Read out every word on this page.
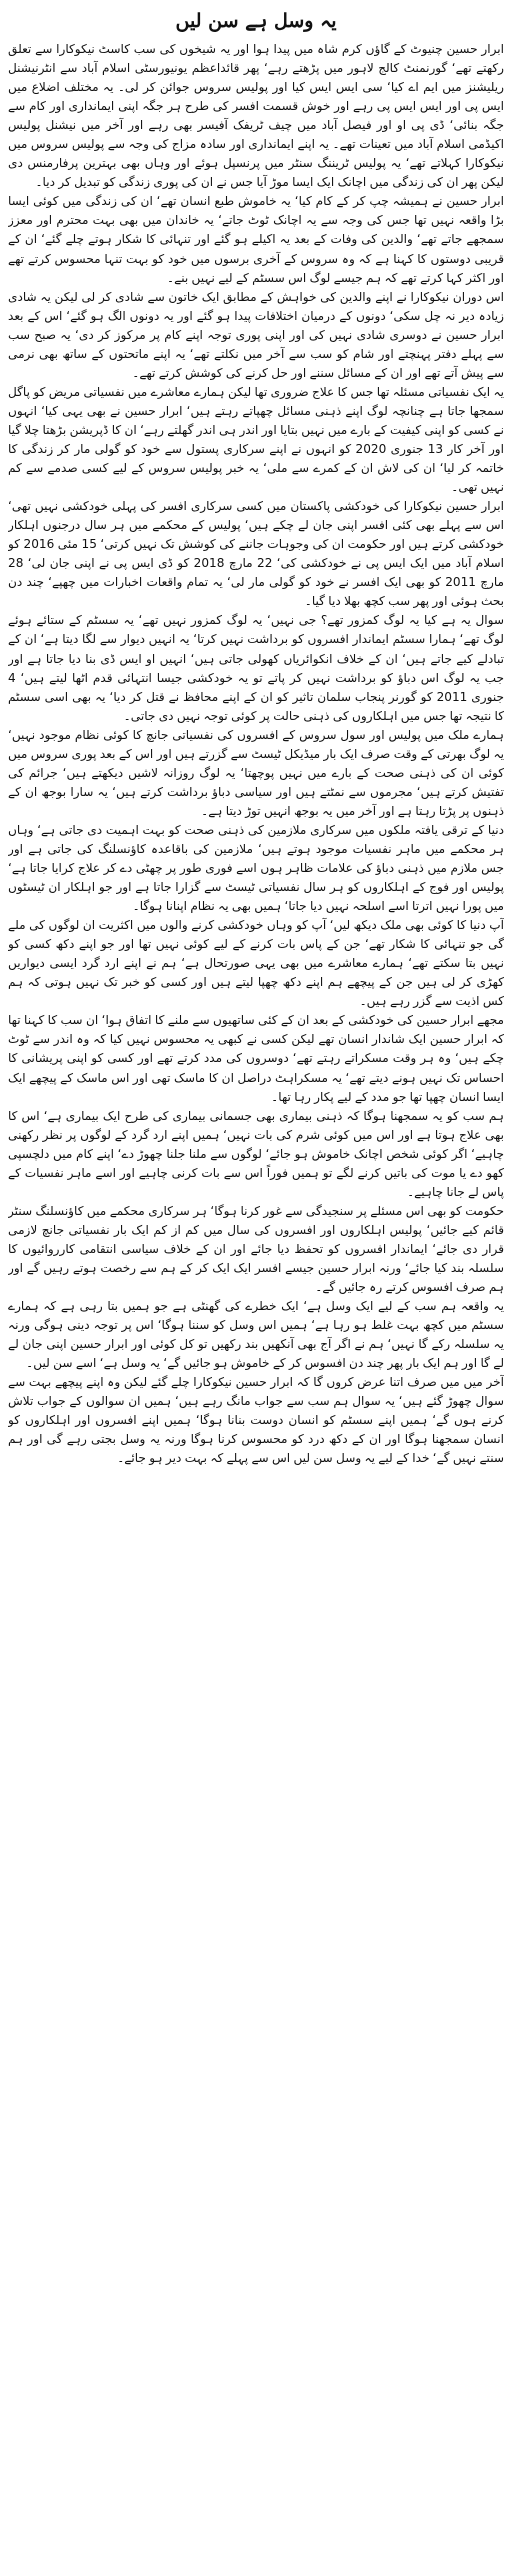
یہ وسل ہے سن لیں

ابرار حسین چنیوٹ کے گاؤں کرم شاہ میں پیدا ہوا اور یہ شیخوں کی سب کاسٹ نیکوکارا سے تعلق رکھتے تھے‘ گورنمنٹ کالج لاہور میں پڑھتے رہے‘ پھر قائداعظم یونیورسٹی اسلام آباد سے انٹرنیشنل ریلیشنز میں ایم اے کیا‘ سی ایس ایس کیا اور پولیس سروس جوائن کر لی۔ یہ مختلف اضلاع میں ایس پی اور ایس ایس پی رہے اور خوش قسمت افسر کی طرح ہر جگہ اپنی ایمانداری اور کام سے جگہ بنائی‘ ڈی پی او اور فیصل آباد میں چیف ٹریفک آفیسر بھی رہے اور آخر میں نیشنل پولیس اکیڈمی اسلام آباد میں تعینات تھے۔ یہ اپنے ایمانداری اور سادہ مزاج کی وجہ سے پولیس سروس میں نیکوکارا کہلاتے تھے‘ یہ پولیس ٹریننگ سنٹر میں پرنسپل ہوئے اور وہاں بھی بہترین پرفارمنس دی لیکن پھر ان کی زندگی میں اچانک ایک ایسا موڑ آیا جس نے ان کی پوری زندگی کو تبدیل کر دیا۔

ابرار حسین نے ہمیشہ چپ کر کے کام کیا‘ یہ خاموش طبع انسان تھے‘ ان کی زندگی میں کوئی ایسا بڑا واقعہ نہیں تھا جس کی وجہ سے یہ اچانک ٹوٹ جاتے‘ یہ خاندان میں بھی بہت محترم اور معزز سمجھے جاتے تھے‘ والدین کی وفات کے بعد یہ اکیلے ہو گئے اور تنہائی کا شکار ہوتے چلے گئے‘ ان کے قریبی دوستوں کا کہنا ہے کہ وہ سروس کے آخری برسوں میں خود کو بہت تنہا محسوس کرتے تھے اور اکثر کہا کرتے تھے کہ ہم جیسے لوگ اس سسٹم کے لیے نہیں بنے۔

اس دوران نیکوکارا نے اپنے والدین کی خواہش کے مطابق ایک خاتون سے شادی کر لی لیکن یہ شادی زیادہ دیر نہ چل سکی‘ دونوں کے درمیان اختلافات پیدا ہو گئے اور یہ دونوں الگ ہو گئے‘ اس کے بعد ابرار حسین نے دوسری شادی نہیں کی اور اپنی پوری توجہ اپنے کام پر مرکوز کر دی‘ یہ صبح سب سے پہلے دفتر پہنچتے اور شام کو سب سے آخر میں نکلتے تھے‘ یہ اپنے ماتحتوں کے ساتھ بھی نرمی سے پیش آتے تھے اور ان کے مسائل سننے اور حل کرنے کی کوشش کرتے تھے۔

یہ ایک نفسیاتی مسئلہ تھا جس کا علاج ضروری تھا لیکن ہمارے معاشرے میں نفسیاتی مریض کو پاگل سمجھا جاتا ہے چنانچہ لوگ اپنے ذہنی مسائل چھپاتے رہتے ہیں‘ ابرار حسین نے بھی یہی کیا‘ انہوں نے کسی کو اپنی کیفیت کے بارے میں نہیں بتایا اور اندر ہی اندر گھلتے رہے‘ ان کا ڈپریشن بڑھتا چلا گیا اور آخر کار 13 جنوری 2020 کو انہوں نے اپنے سرکاری پستول سے خود کو گولی مار کر زندگی کا خاتمہ کر لیا‘ ان کی لاش ان کے کمرے سے ملی‘ یہ خبر پولیس سروس کے لیے کسی صدمے سے کم نہیں تھی۔

ابرار حسین نیکوکارا کی خودکشی پاکستان میں کسی سرکاری افسر کی پہلی خودکشی نہیں تھی‘ اس سے پہلے بھی کئی افسر اپنی جان لے چکے ہیں‘ پولیس کے محکمے میں ہر سال درجنوں اہلکار خودکشی کرتے ہیں اور حکومت ان کی وجوہات جاننے کی کوشش تک نہیں کرتی‘ 15 مئی 2016 کو اسلام آباد میں ایک ایس پی نے خودکشی کی‘ 22 مارچ 2018 کو ڈی ایس پی نے اپنی جان لی‘ 28 مارچ 2011 کو بھی ایک افسر نے خود کو گولی مار لی‘ یہ تمام واقعات اخبارات میں چھپے‘ چند دن بحث ہوئی اور پھر سب کچھ بھلا دیا گیا۔

سوال یہ ہے کیا یہ لوگ کمزور تھے؟ جی نہیں‘ یہ لوگ کمزور نہیں تھے‘ یہ سسٹم کے ستائے ہوئے لوگ تھے‘ ہمارا سسٹم ایماندار افسروں کو برداشت نہیں کرتا‘ یہ انہیں دیوار سے لگا دیتا ہے‘ ان کے تبادلے کیے جاتے ہیں‘ ان کے خلاف انکوائریاں کھولی جاتی ہیں‘ انہیں او ایس ڈی بنا دیا جاتا ہے اور جب یہ لوگ اس دباؤ کو برداشت نہیں کر پاتے تو یہ خودکشی جیسا انتہائی قدم اٹھا لیتے ہیں‘ 4 جنوری 2011 کو گورنر پنجاب سلمان تاثیر کو ان کے اپنے محافظ نے قتل کر دیا‘ یہ بھی اسی سسٹم کا نتیجہ تھا جس میں اہلکاروں کی ذہنی حالت پر کوئی توجہ نہیں دی جاتی۔

ہمارے ملک میں پولیس اور سول سروس کے افسروں کی نفسیاتی جانچ کا کوئی نظام موجود نہیں‘ یہ لوگ بھرتی کے وقت صرف ایک بار میڈیکل ٹیسٹ سے گزرتے ہیں اور اس کے بعد پوری سروس میں کوئی ان کی ذہنی صحت کے بارے میں نہیں پوچھتا‘ یہ لوگ روزانہ لاشیں دیکھتے ہیں‘ جرائم کی تفتیش کرتے ہیں‘ مجرموں سے نمٹتے ہیں اور سیاسی دباؤ برداشت کرتے ہیں‘ یہ سارا بوجھ ان کے ذہنوں پر پڑتا رہتا ہے اور آخر میں یہ بوجھ انہیں توڑ دیتا ہے۔

دنیا کے ترقی یافتہ ملکوں میں سرکاری ملازمین کی ذہنی صحت کو بہت اہمیت دی جاتی ہے‘ وہاں ہر محکمے میں ماہر نفسیات موجود ہوتے ہیں‘ ملازمین کی باقاعدہ کاؤنسلنگ کی جاتی ہے اور جس ملازم میں ذہنی دباؤ کی علامات ظاہر ہوں اسے فوری طور پر چھٹی دے کر علاج کرایا جاتا ہے‘ پولیس اور فوج کے اہلکاروں کو ہر سال نفسیاتی ٹیسٹ سے گزارا جاتا ہے اور جو اہلکار ان ٹیسٹوں میں پورا نہیں اترتا اسے اسلحہ نہیں دیا جاتا‘ ہمیں بھی یہ نظام اپنانا ہوگا۔

آپ دنیا کا کوئی بھی ملک دیکھ لیں‘ آپ کو وہاں خودکشی کرنے والوں میں اکثریت ان لوگوں کی ملے گی جو تنہائی کا شکار تھے‘ جن کے پاس بات کرنے کے لیے کوئی نہیں تھا اور جو اپنے دکھ کسی کو نہیں بتا سکتے تھے‘ ہمارے معاشرے میں بھی یہی صورتحال ہے‘ ہم نے اپنے ارد گرد ایسی دیواریں کھڑی کر لی ہیں جن کے پیچھے ہم اپنے دکھ چھپا لیتے ہیں اور کسی کو خبر تک نہیں ہوتی کہ ہم کس اذیت سے گزر رہے ہیں۔

مجھے ابرار حسین کی خودکشی کے بعد ان کے کئی ساتھیوں سے ملنے کا اتفاق ہوا‘ ان سب کا کہنا تھا کہ ابرار حسین ایک شاندار انسان تھے لیکن کسی نے کبھی یہ محسوس نہیں کیا کہ وہ اندر سے ٹوٹ چکے ہیں‘ وہ ہر وقت مسکراتے رہتے تھے‘ دوسروں کی مدد کرتے تھے اور کسی کو اپنی پریشانی کا احساس تک نہیں ہونے دیتے تھے‘ یہ مسکراہٹ دراصل ان کا ماسک تھی اور اس ماسک کے پیچھے ایک ایسا انسان چھپا تھا جو مدد کے لیے پکار رہا تھا۔

ہم سب کو یہ سمجھنا ہوگا کہ ذہنی بیماری بھی جسمانی بیماری کی طرح ایک بیماری ہے‘ اس کا بھی علاج ہوتا ہے اور اس میں کوئی شرم کی بات نہیں‘ ہمیں اپنے ارد گرد کے لوگوں پر نظر رکھنی چاہیے‘ اگر کوئی شخص اچانک خاموش ہو جائے‘ لوگوں سے ملنا جلنا چھوڑ دے‘ اپنے کام میں دلچسپی کھو دے یا موت کی باتیں کرنے لگے تو ہمیں فوراً اس سے بات کرنی چاہیے اور اسے ماہر نفسیات کے پاس لے جانا چاہیے۔

حکومت کو بھی اس مسئلے پر سنجیدگی سے غور کرنا ہوگا‘ ہر سرکاری محکمے میں کاؤنسلنگ سنٹر قائم کیے جائیں‘ پولیس اہلکاروں اور افسروں کی سال میں کم از کم ایک بار نفسیاتی جانچ لازمی قرار دی جائے‘ ایماندار افسروں کو تحفظ دیا جائے اور ان کے خلاف سیاسی انتقامی کارروائیوں کا سلسلہ بند کیا جائے‘ ورنہ ابرار حسین جیسے افسر ایک ایک کر کے ہم سے رخصت ہوتے رہیں گے اور ہم صرف افسوس کرتے رہ جائیں گے۔

یہ واقعہ ہم سب کے لیے ایک وسل ہے‘ ایک خطرے کی گھنٹی ہے جو ہمیں بتا رہی ہے کہ ہمارے سسٹم میں کچھ بہت غلط ہو رہا ہے‘ ہمیں اس وسل کو سننا ہوگا‘ اس پر توجہ دینی ہوگی ورنہ یہ سلسلہ رکے گا نہیں‘ ہم نے اگر آج بھی آنکھیں بند رکھیں تو کل کوئی اور ابرار حسین اپنی جان لے لے گا اور ہم ایک بار پھر چند دن افسوس کر کے خاموش ہو جائیں گے‘ یہ وسل ہے‘ اسے سن لیں۔

آخر میں میں صرف اتنا عرض کروں گا کہ ابرار حسین نیکوکارا چلے گئے لیکن وہ اپنے پیچھے بہت سے سوال چھوڑ گئے ہیں‘ یہ سوال ہم سب سے جواب مانگ رہے ہیں‘ ہمیں ان سوالوں کے جواب تلاش کرنے ہوں گے‘ ہمیں اپنے سسٹم کو انسان دوست بنانا ہوگا‘ ہمیں اپنے افسروں اور اہلکاروں کو انسان سمجھنا ہوگا اور ان کے دکھ درد کو محسوس کرنا ہوگا ورنہ یہ وسل بجتی رہے گی اور ہم سنتے نہیں گے‘ خدا کے لیے یہ وسل سن لیں اس سے پہلے کہ بہت دیر ہو جائے۔
